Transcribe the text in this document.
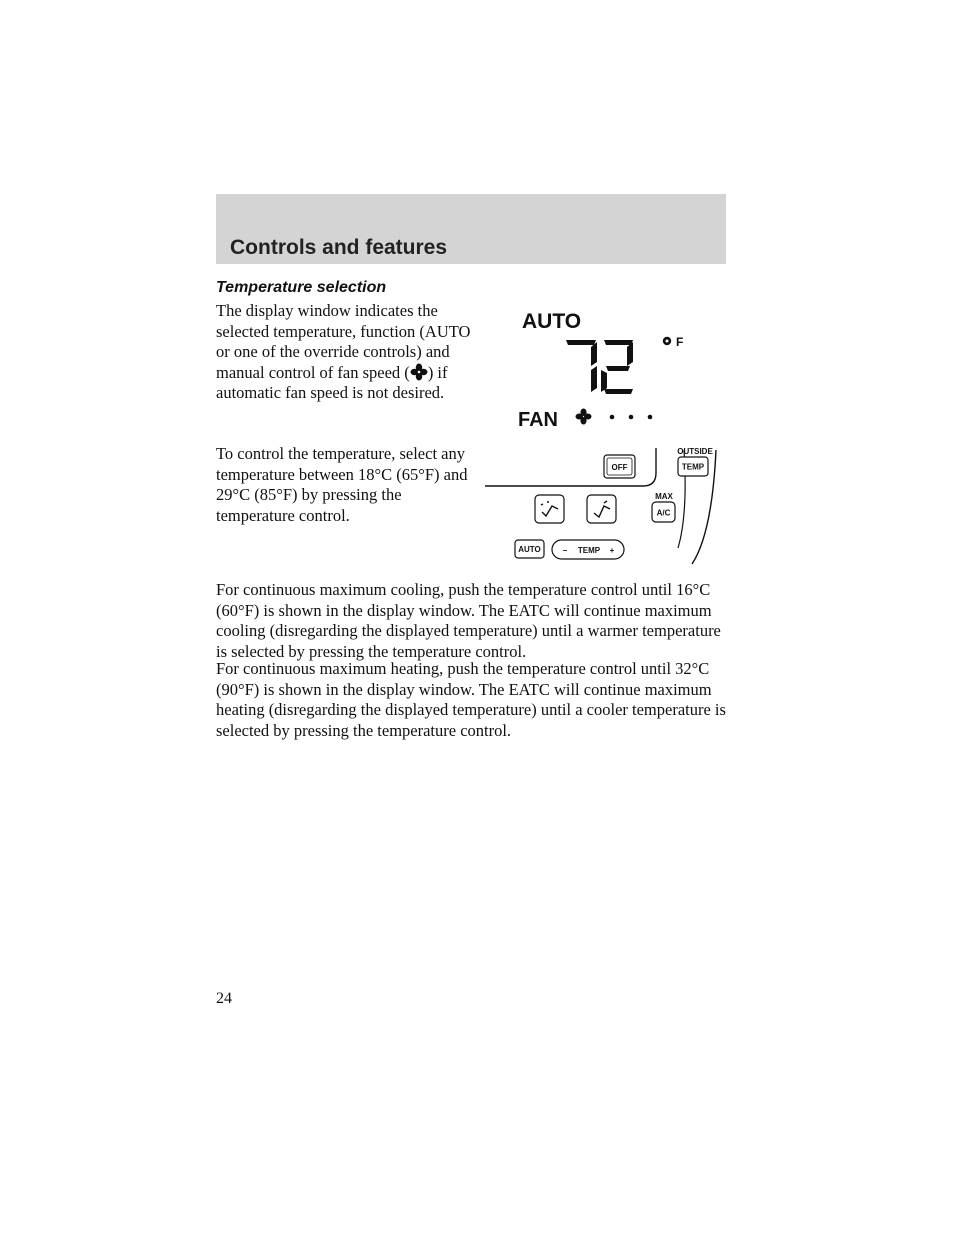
Controls and features
Temperature selection

The display window indicates the selected temperature, function (AUTO or one of the override controls) and manual control of fan speed ( ) if automatic fan speed is not desired.

To control the temperature, select any temperature between 18°C (65°F) and 29°C (85°F) by pressing the temperature control.

AUTO
72
F
FAN
OFF
OUTSIDE
TEMP
MAX
A/C
AUTO	– TEMP +

For continuous maximum cooling, push the temperature control until 16°C (60°F) is shown in the display window. The EATC will continue maximum cooling (disregarding the displayed temperature) until a warmer temperature is selected by pressing the temperature control.

For continuous maximum heating, push the temperature control until 32°C (90°F) is shown in the display window. The EATC will continue maximum heating (disregarding the displayed temperature) until a cooler temperature is selected by pressing the temperature control.

24
